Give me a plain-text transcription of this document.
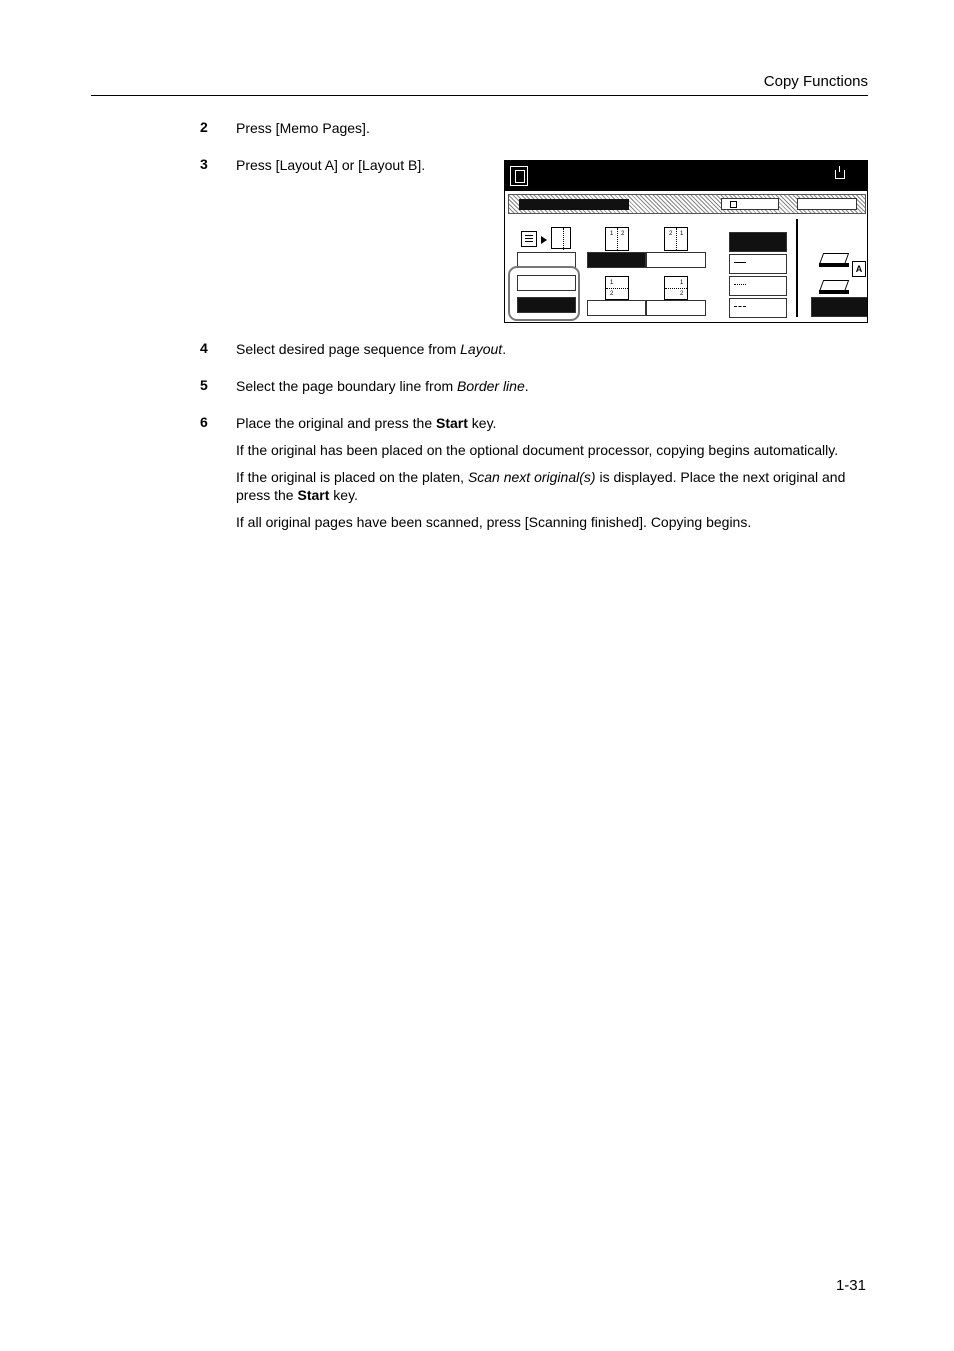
Copy Functions
2 Press [Memo Pages].
3 Press [Layout A] or [Layout B].
1 2	2 1
1
2
1
2
A
4 Select desired page sequence from Layout.
5 Select the page boundary line from Border line.
6 Place the original and press the Start key.
If the original has been placed on the optional document processor, copying begins automatically.
If the original is placed on the platen, Scan next original(s) is displayed. Place the next original and press the Start key.
If all original pages have been scanned, press [Scanning finished]. Copying begins.
1-31
